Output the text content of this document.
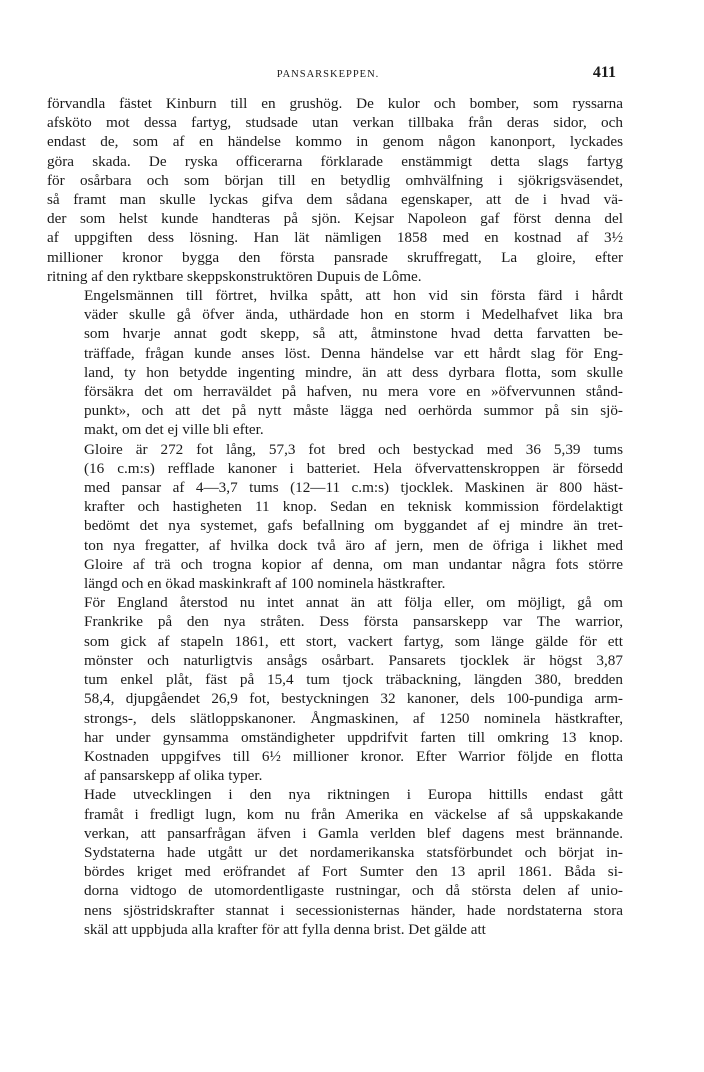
PANSARSKEPPEN.	411

förvandla fästet Kinburn till en grushög. De kulor och bomber, som ryssarna
afsköto mot dessa fartyg, studsade utan verkan tillbaka från deras sidor, och
endast de, som af en händelse kommo in genom någon kanonport, lyckades
göra skada. De ryska officerarna förklarade enstämmigt detta slags fartyg
för osårbara och som början till en betydlig omhvälfning i sjökrigsväsendet,
så framt man skulle lyckas gifva dem sådana egenskaper, att de i hvad vä-
der som helst kunde handteras på sjön. Kejsar Napoleon gaf först denna del
af uppgiften dess lösning. Han lät nämligen 1858 med en kostnad af 3½
millioner kronor bygga den första pansrade skruffregatt, La gloire, efter
ritning af den ryktbare skeppskonstruktören Dupuis de Lôme.

Engelsmännen till förtret, hvilka spått, att hon vid sin första färd i hårdt
väder skulle gå öfver ända, uthärdade hon en storm i Medelhafvet lika bra
som hvarje annat godt skepp, så att, åtminstone hvad detta farvatten be-
träffade, frågan kunde anses löst. Denna händelse var ett hårdt slag för Eng-
land, ty hon betydde ingenting mindre, än att dess dyrbara flotta, som skulle
försäkra det om herraväldet på hafven, nu mera vore en »öfvervunnen stånd-
punkt», och att det på nytt måste lägga ned oerhörda summor på sin sjö-
makt, om det ej ville bli efter.

Gloire är 272 fot lång, 57,3 fot bred och bestyckad med 36 5,39 tums
(16 c.m:s) refflade kanoner i batteriet. Hela öfvervattenskroppen är försedd
med pansar af 4—3,7 tums (12—11 c.m:s) tjocklek. Maskinen är 800 häst-
krafter och hastigheten 11 knop. Sedan en teknisk kommission fördelaktigt
bedömt det nya systemet, gafs befallning om byggandet af ej mindre än tret-
ton nya fregatter, af hvilka dock två äro af jern, men de öfriga i likhet med
Gloire af trä och trogna kopior af denna, om man undantar några fots större
längd och en ökad maskinkraft af 100 nominela hästkrafter.

För England återstod nu intet annat än att följa eller, om möjligt, gå om
Frankrike på den nya stråten. Dess första pansarskepp var The warrior,
som gick af stapeln 1861, ett stort, vackert fartyg, som länge gälde för ett
mönster och naturligtvis ansågs osårbart. Pansarets tjocklek är högst 3,87
tum enkel plåt, fäst på 15,4 tum tjock träbackning, längden 380, bredden
58,4, djupgåendet 26,9 fot, bestyckningen 32 kanoner, dels 100-pundiga arm-
strongs-, dels slätloppskanoner. Ångmaskinen, af 1250 nominela hästkrafter,
har under gynsamma omständigheter uppdrifvit farten till omkring 13 knop.
Kostnaden uppgifves till 6½ millioner kronor. Efter Warrior följde en flotta
af pansarskepp af olika typer.

Hade utvecklingen i den nya riktningen i Europa hittills endast gått
framåt i fredligt lugn, kom nu från Amerika en väckelse af så uppskakande
verkan, att pansarfrågan äfven i Gamla verlden blef dagens mest brännande.
Sydstaterna hade utgått ur det nordamerikanska statsförbundet och börjat in-
bördes kriget med eröfrandet af Fort Sumter den 13 april 1861. Båda si-
dorna vidtogo de utomordentligaste rustningar, och då största delen af unio-
nens sjöstridskrafter stannat i secessionisternas händer, hade nordstaterna stora
skäl att uppbjuda alla krafter för att fylla denna brist. Det gälde att
